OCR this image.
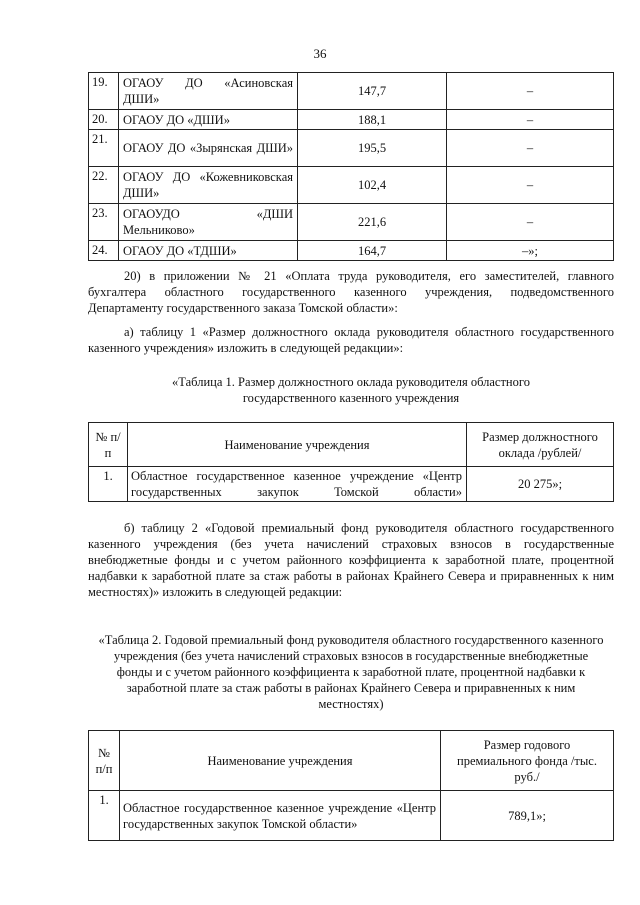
36
19.	ОГАОУ ДО «Асиновская ДШИ»	147,7	–
20.	ОГАОУ ДО «ДШИ»	188,1	–
21.	ОГАОУ ДО «Зырянская ДШИ»	195,5	–
22.	ОГАОУ ДО «Кожевниковская ДШИ»	102,4	–
23.	ОГАОУДО «ДШИ Мельниково»	221,6	–
24.	ОГАОУ ДО «ТДШИ»	164,7	–»;

20) в приложении № 21 «Оплата труда руководителя, его заместителей, главного бухгалтера областного государственного казенного учреждения, подведомственного Департаменту государственного заказа Томской области»:

а) таблицу 1 «Размер должностного оклада руководителя областного государственного казенного учреждения» изложить в следующей редакции»:

«Таблица 1. Размер должностного оклада руководителя областного государственного казенного учреждения

№ п/п	Наименование учреждения	Размер должностного оклада /рублей/
1.	Областное государственное казенное учреждение «Центр государственных закупок Томской области»	20 275»;

б) таблицу 2 «Годовой премиальный фонд руководителя областного государственного казенного учреждения (без учета начислений страховых взносов в государственные внебюджетные фонды и с учетом районного коэффициента к заработной плате, процентной надбавки к заработной плате за стаж работы в районах Крайнего Севера и приравненных к ним местностях)» изложить в следующей редакции:

«Таблица 2. Годовой премиальный фонд руководителя областного государственного казенного учреждения (без учета начислений страховых взносов в государственные внебюджетные фонды и с учетом районного коэффициента к заработной плате, процентной надбавки к заработной плате за стаж работы в районах Крайнего Севера и приравненных к ним местностях)

№ п/п	Наименование учреждения	Размер годового премиального фонда /тыс. руб./
1.	Областное государственное казенное учреждение «Центр государственных закупок Томской области»	789,1»;
